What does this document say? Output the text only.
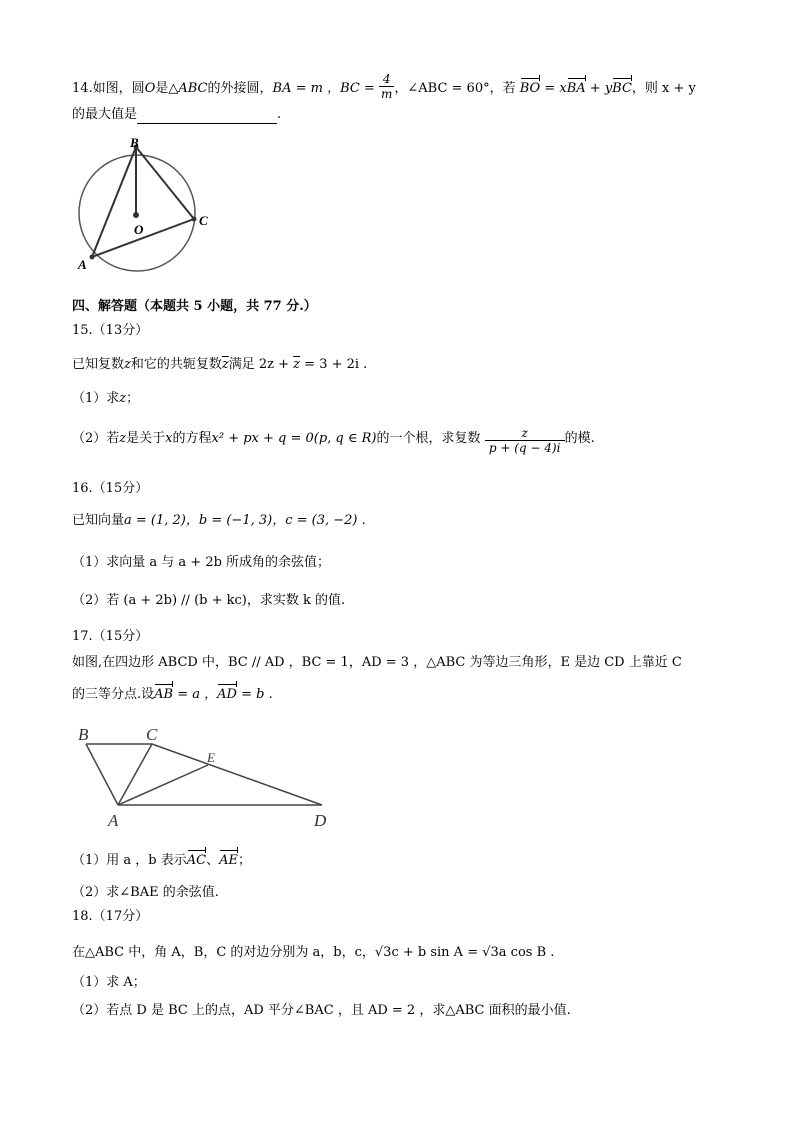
14.如图，圆O是△ABC的外接圆，BA = m ，BC = $\frac{4}{m}$ ，∠ABC = 60°，若 BO = xBA + yBC，则 x + y
的最大值是	.
B
O
C
A
四、解答题（本题共 5 小题，共 77 分.）
15.（13分）
已知复数z和它的共轭复数$\overline{z}$满足 $2z + \overline{z} = 3 + 2i$ .
（1）求z；
（2）若z是关于x的方程x² + px + q = 0(p, q ∈ R)的一个根，求复数 $\frac{z}{p + (q - 4)i}$ 的模.
16.（15分）
已知向量a = (1, 2)，b = (−1, 3)，c = (3, −2) .
（1）求向量 a 与 a + 2b 所成角的余弦值；
（2）若 (a + 2b) // (b + kc)，求实数 k 的值.
17.（15分）
如图,在四边形 ABCD 中，BC // AD ，BC = 1，AD = 3 ，△ABC 为等边三角形，E 是边 CD 上靠近 C
的三等分点.设AB = a ，AD = b .
B	C
E
A	D
（1）用 a ，b 表示AC、AE；
（2）求∠BAE 的余弦值.
18.（17分）
在△ABC 中，角 A，B，C 的对边分别为 a，b，c，√3c + b sin A = √3a cos B .
（1）求 A；
（2）若点 D 是 BC 上的点，AD 平分∠BAC ，且 AD = 2 ，求△ABC 面积的最小值.
